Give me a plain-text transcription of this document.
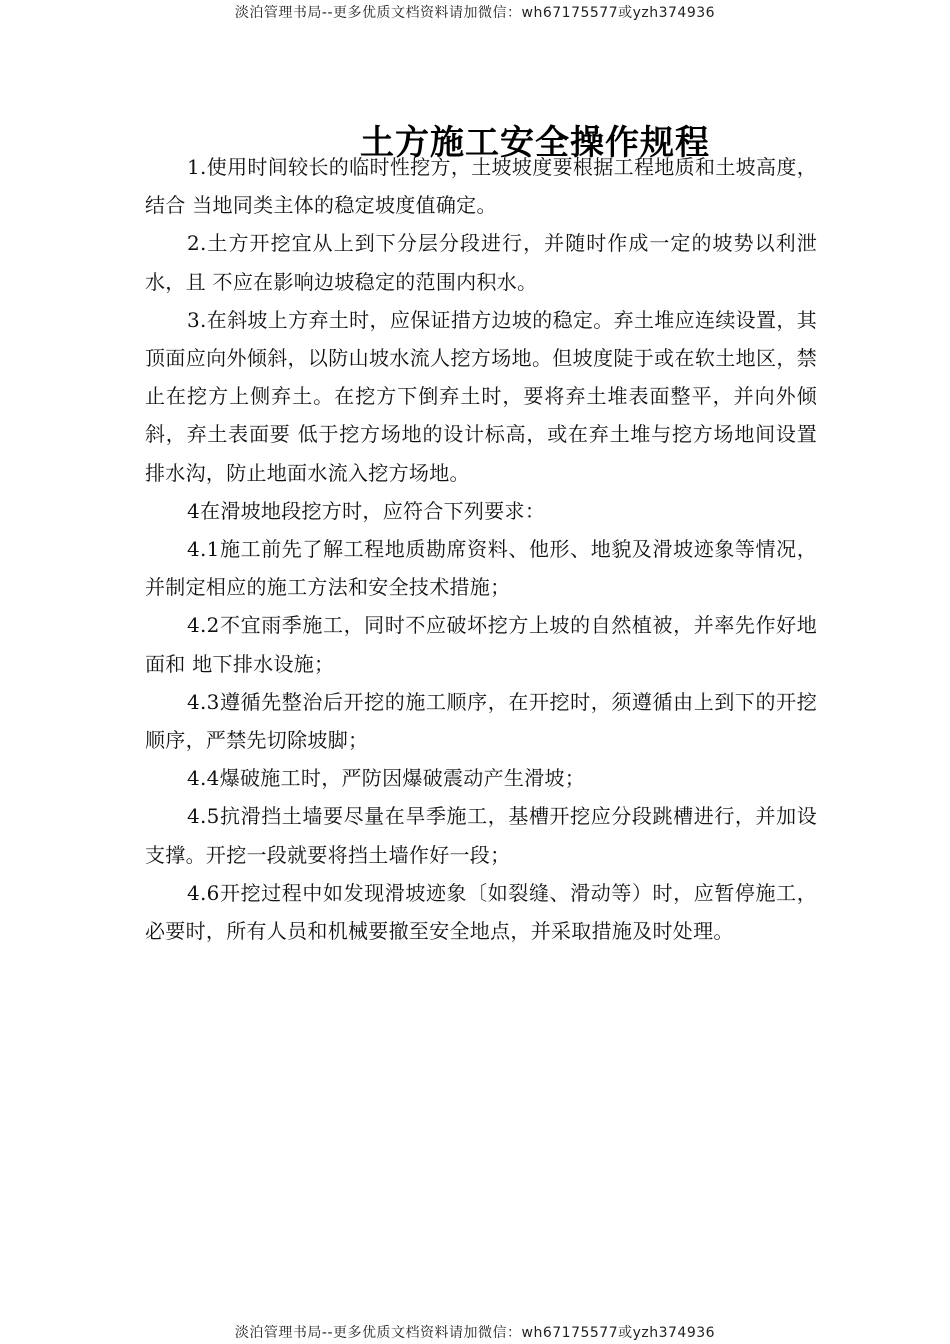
淡泊管理书局--更多优质文档资料请加微信：wh67175577或yzh374936
土方施工安全操作规程

1.使用时间较长的临时性挖方，土坡坡度要根据工程地质和土坡高度，结合 当地同类主体的稳定坡度值确定。

2.土方开挖宜从上到下分层分段进行，并随时作成一定的坡势以利泄水，且 不应在影响边坡稳定的范围内积水。

3.在斜坡上方弃土时，应保证措方边坡的稳定。弃土堆应连续设置，其顶面应向外倾斜，以防山坡水流人挖方场地。但坡度陡于或在软土地区，禁止在挖方上侧弃土。在挖方下倒弃土时，要将弃土堆表面整平，并向外倾斜，弃土表面要 低于挖方场地的设计标高，或在弃土堆与挖方场地间设置排水沟，防止地面水流入挖方场地。

4在滑坡地段挖方时，应符合下列要求：

4.1施工前先了解工程地质勘席资料、他形、地貌及滑坡迹象等情况，并制定相应的施工方法和安全技术措施；

4.2不宜雨季施工，同时不应破坏挖方上坡的自然植被，并率先作好地面和 地下排水设施；

4.3遵循先整治后开挖的施工顺序，在开挖时，须遵循由上到下的开挖顺序，严禁先切除坡脚；

4.4爆破施工时，严防因爆破震动产生滑坡；

4.5抗滑挡土墙要尽量在旱季施工，基槽开挖应分段跳槽进行，并加设支撑。开挖一段就要将挡土墙作好一段；

4.6开挖过程中如发现滑坡迹象〔如裂缝、滑动等）时，应暂停施工，必要时，所有人员和机械要撤至安全地点，并采取措施及时处理。

淡泊管理书局--更多优质文档资料请加微信：wh67175577或yzh374936
